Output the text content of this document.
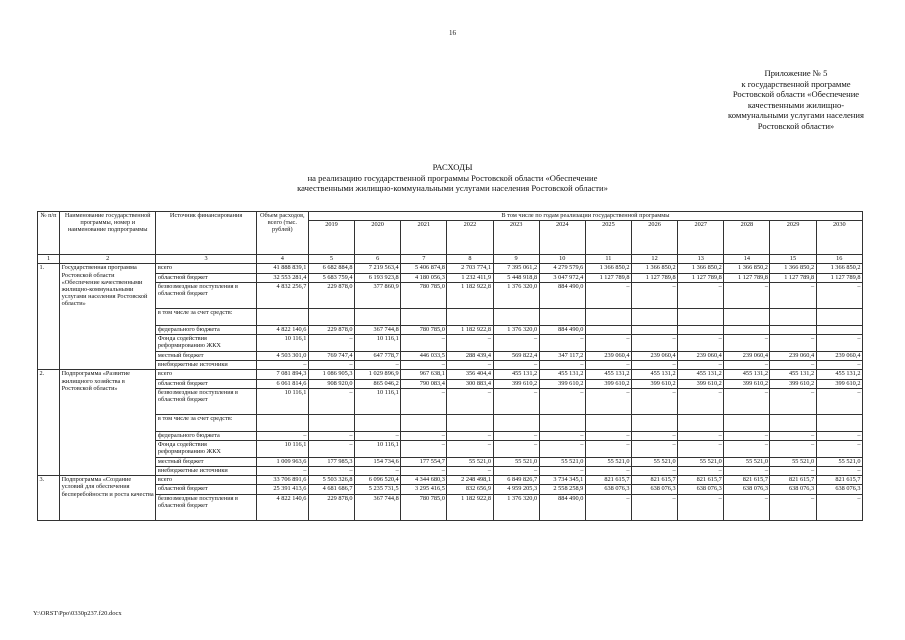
16
Приложение № 5
к государственной программе
Ростовской области «Обеспечение
качественными жилищно-
коммунальными услугами населения
Ростовской области»
РАСХОДЫ
на реализацию государственной программы Ростовской области «Обеспечение
качественными жилищно-коммунальными услугами населения Ростовской области»
№ п/п	Наименование государственной программы, номер и наименование подпрограммы	Источник финансирования	Объем расходов, всего (тыс. рублей)	В том числе по годам реализации государственной программы											
				2019	2020	2021	2022	2023	2024	2025	2026	2027	2028	2029	2030
1	2	3	4	5	6	7	8	9	10	11	12	13	14	15	16
1.	Государственная программа Ростовской области «Обеспечение качественными жилищно-коммунальными услугами населения Ростовской области»	всего	41 888 839,1	6 682 884,8	7 219 563,4	5 406 874,8	2 703 774,1	7 395 061,2	4 279 579,6	1 366 850,2	1 366 850,2	1 366 850,2	1 366 850,2	1 366 850,2	1 366 850,2
		областной бюджет	32 553 281,4	5 683 759,4	6 193 923,8	4 180 056,3	1 232 411,9	5 448 918,8	3 047 972,4	1 127 789,8	1 127 789,8	1 127 789,8	1 127 789,8	1 127 789,8	1 127 789,8
		безвозмездные поступления в областной бюджет	4 832 256,7	229 878,0	377 860,9	780 785,0	1 182 922,8	1 376 320,0	884 490,0	–	–	–	–	–	–
		в том числе за счет средств:													
		федерального бюджета	4 822 140,6	229 878,0	367 744,8	780 785,0	1 182 922,8	1 376 320,0	884 490,0						
		Фонда содействия реформированию ЖКХ	10 116,1	–	10 116,1	–	–	–	–	–	–	–	–	–	–
		местный бюджет	4 503 301,0	769 747,4	647 778,7	446 033,5	288 439,4	569 822,4	347 117,2	239 060,4	239 060,4	239 060,4	239 060,4	239 060,4	239 060,4
		внебюджетные источники	–	–	–	–	–	–	–	–	–	–	–	–	–
2.	Подпрограмма «Развитие жилищного хозяйства в Ростовской области»	всего	7 081 894,3	1 086 905,3	1 029 896,9	967 638,1	356 404,4	455 131,2	455 131,2	455 131,2	455 131,2	455 131,2	455 131,2	455 131,2	455 131,2
		областной бюджет	6 061 814,6	908 920,0	865 046,2	790 083,4	300 883,4	399 610,2	399 610,2	399 610,2	399 610,2	399 610,2	399 610,2	399 610,2	399 610,2
		безвозмездные поступления в областной бюджет	10 116,1	–	10 116,1	–	–	–	–	–	–	–	–	–	–
		в том числе за счет средств:													
		федерального бюджета	–	–	–	–	–	–	–	–	–	–	–	–	–
		Фонда содействия реформированию ЖКХ	10 116,1	–	10 116,1	–	–	–	–	–	–	–	–	–	–
		местный бюджет	1 009 963,6	177 985,3	154 734,6	177 554,7	55 521,0	55 521,0	55 521,0	55 521,0	55 521,0	55 521,0	55 521,0	55 521,0	55 521,0
		внебюджетные источники	–	–	–	–	–	–	–	–	–	–	–	–	–
3.	Подпрограмма «Создание условий для обеспечения бесперебойности и роста качества	всего	33 706 891,6	5 503 326,8	6 096 520,4	4 344 680,3	2 248 498,1	6 849 826,7	3 734 345,1	821 615,7	821 615,7	821 615,7	821 615,7	821 615,7	821 615,7
		областной бюджет	25 391 413,6	4 681 686,7	5 235 731,5	3 295 416,5	832 656,9	4 959 205,3	2 558 258,9	638 076,3	638 076,3	638 076,3	638 076,3	638 076,3	638 076,3
		безвозмездные поступления в областной бюджет	4 822 140,6	229 878,0	367 744,8	780 785,0	1 182 922,8	1 376 320,0	884 490,0	–	–	–	–	–	–
Y:\ORST\Ppo\0330p237.f20.docx
